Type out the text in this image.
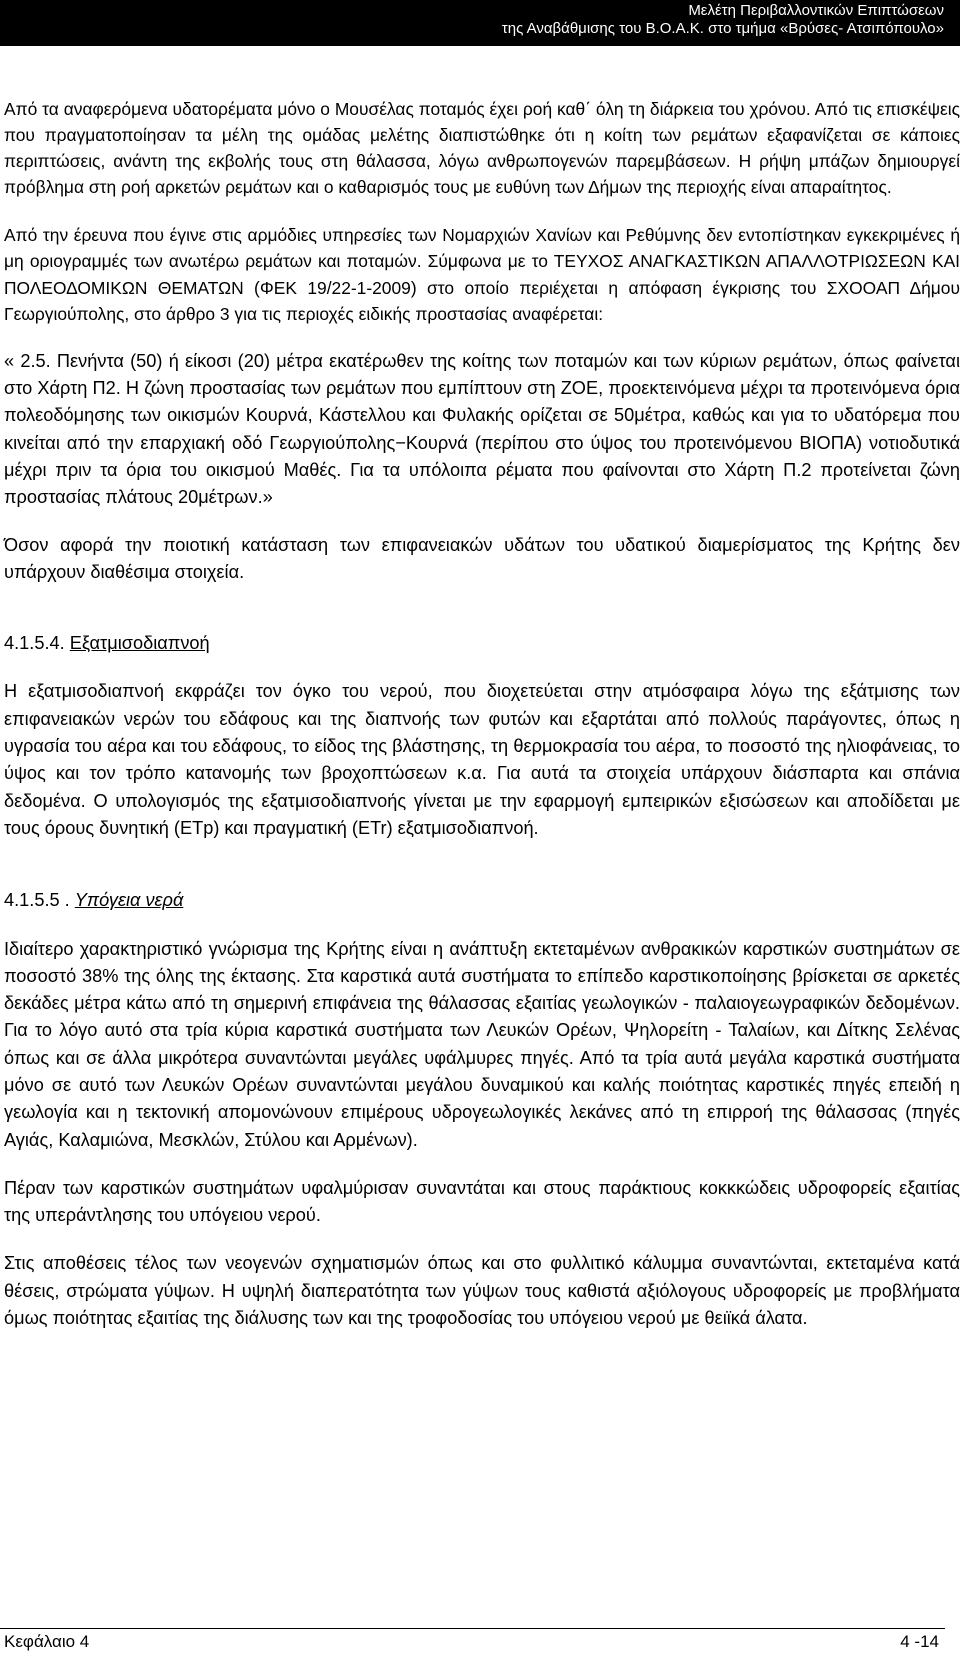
Μελέτη Περιβαλλοντικών Επιπτώσεων
της Αναβάθμισης του Β.Ο.Α.Κ. στο τμήμα «Βρύσες- Ατσιπόπουλο»

Από τα αναφερόμενα υδατορέματα μόνο ο Μουσέλας ποταμός έχει ροή καθ΄ όλη τη διάρκεια του χρόνου. Από τις επισκέψεις που πραγματοποίησαν τα μέλη της ομάδας μελέτης διαπιστώθηκε ότι η κοίτη των ρεμάτων εξαφανίζεται σε κάποιες περιπτώσεις, ανάντη της εκβολής τους στη θάλασσα, λόγω ανθρωπογενών παρεμβάσεων. Η ρήψη μπάζων δημιουργεί πρόβλημα στη ροή αρκετών ρεμάτων και ο καθαρισμός τους με ευθύνη των Δήμων της περιοχής είναι απαραίτητος.

Από την έρευνα που έγινε στις αρμόδιες υπηρεσίες των Νομαρχιών Χανίων και Ρεθύμνης δεν εντοπίστηκαν εγκεκριμένες ή μη οριογραμμές των ανωτέρω ρεμάτων και ποταμών. Σύμφωνα με το ΤΕΥΧΟΣ ΑΝΑΓΚΑΣΤΙΚΩΝ ΑΠΑΛΛΟΤΡΙΩΣΕΩΝ ΚΑΙ ΠΟΛΕΟΔΟΜΙΚΩΝ ΘΕΜΑΤΩΝ (ΦΕΚ 19/22-1-2009) στο οποίο περιέχεται η απόφαση έγκρισης του ΣΧΟΟΑΠ Δήμου Γεωργιούπολης, στο άρθρο 3 για τις περιοχές ειδικής προστασίας αναφέρεται:

« 2.5. Πενήντα (50) ή είκοσι (20) μέτρα εκατέρωθεν της κοίτης των ποταμών και των κύριων ρεμάτων, όπως φαίνεται στο Χάρτη Π2. Η ζώνη προστασίας των ρεμάτων που εμπίπτουν στη ΖΟΕ, προεκτεινόμενα μέχρι τα προτεινόμενα όρια πολεοδόμησης των οικισμών Κουρνά, Κάστελλου και Φυλακής ορίζεται σε 50μέτρα, καθώς και για το υδατόρεμα που κινείται από την επαρχιακή οδό Γεωργιούπολης−Κουρνά (περίπου στο ύψος του προτεινόμενου ΒΙΟΠΑ) νοτιοδυτικά μέχρι πριν τα όρια του οικισμού Μαθές. Για τα υπόλοιπα ρέματα που φαίνονται στο Χάρτη Π.2 προτείνεται ζώνη προστασίας πλάτους 20μέτρων.»

Όσον αφορά την ποιοτική κατάσταση των επιφανειακών υδάτων του υδατικού διαμερίσματος της Κρήτης δεν υπάρχουν διαθέσιμα στοιχεία.

4.1.5.4. Εξατμισοδιαπνοή

Η εξατμισοδιαπνοή εκφράζει τον όγκο του νερού, που διοχετεύεται στην ατμόσφαιρα λόγω της εξάτμισης των επιφανειακών νερών του εδάφους και της διαπνοής των φυτών και εξαρτάται από πολλούς παράγοντες, όπως η υγρασία του αέρα και του εδάφους, το είδος της βλάστησης, τη θερμοκρασία του αέρα, το ποσοστό της ηλιοφάνειας, το ύψος και τον τρόπο κατανομής των βροχοπτώσεων κ.α. Για αυτά τα στοιχεία υπάρχουν διάσπαρτα και σπάνια δεδομένα. Ο υπολογισμός της εξατμισοδιαπνοής γίνεται με την εφαρμογή εμπειρικών εξισώσεων και αποδίδεται με τους όρους δυνητική (ETp) και πραγματική (ETr) εξατμισοδιαπνοή.

4.1.5.5 . Υπόγεια νερά

Ιδιαίτερο χαρακτηριστικό γνώρισμα της Κρήτης είναι η ανάπτυξη εκτεταμένων ανθρακικών καρστικών συστημάτων σε ποσοστό 38% της όλης της έκτασης. Στα καρστικά αυτά συστήματα το επίπεδο καρστικοποίησης βρίσκεται σε αρκετές δεκάδες μέτρα κάτω από τη σημερινή επιφάνεια της θάλασσας εξαιτίας γεωλογικών - παλαιογεωγραφικών δεδομένων. Για το λόγο αυτό στα τρία κύρια καρστικά συστήματα των Λευκών Ορέων, Ψηλορείτη - Ταλαίων, και Δίτκης Σελένας όπως και σε άλλα μικρότερα συναντώνται μεγάλες υφάλμυρες πηγές. Από τα τρία αυτά μεγάλα καρστικά συστήματα μόνο σε αυτό των Λευκών Ορέων συναντώνται μεγάλου δυναμικού και καλής ποιότητας καρστικές πηγές επειδή η γεωλογία και η τεκτονική απομονώνουν επιμέρους υδρογεωλογικές λεκάνες από τη επιρροή της θάλασσας (πηγές Αγιάς, Καλαμιώνα, Μεσκλών, Στύλου και Αρμένων).

Πέραν των καρστικών συστημάτων υφαλμύρισαν συναντάται και στους παράκτιους κοκκκώδεις υδροφορείς εξαιτίας της υπεράντλησης του υπόγειου νερού.

Στις αποθέσεις τέλος των νεογενών σχηματισμών όπως και στο φυλλιτικό κάλυμμα συναντώνται, εκτεταμένα κατά θέσεις, στρώματα γύψων. Η υψηλή διαπερατότητα των γύψων τους καθιστά αξιόλογους υδροφορείς με προβλήματα όμως ποιότητας εξαιτίας της διάλυσης των και της τροφοδοσίας του υπόγειου νερού με θειϊκά άλατα.

Κεφάλαιο 4	4 -14
